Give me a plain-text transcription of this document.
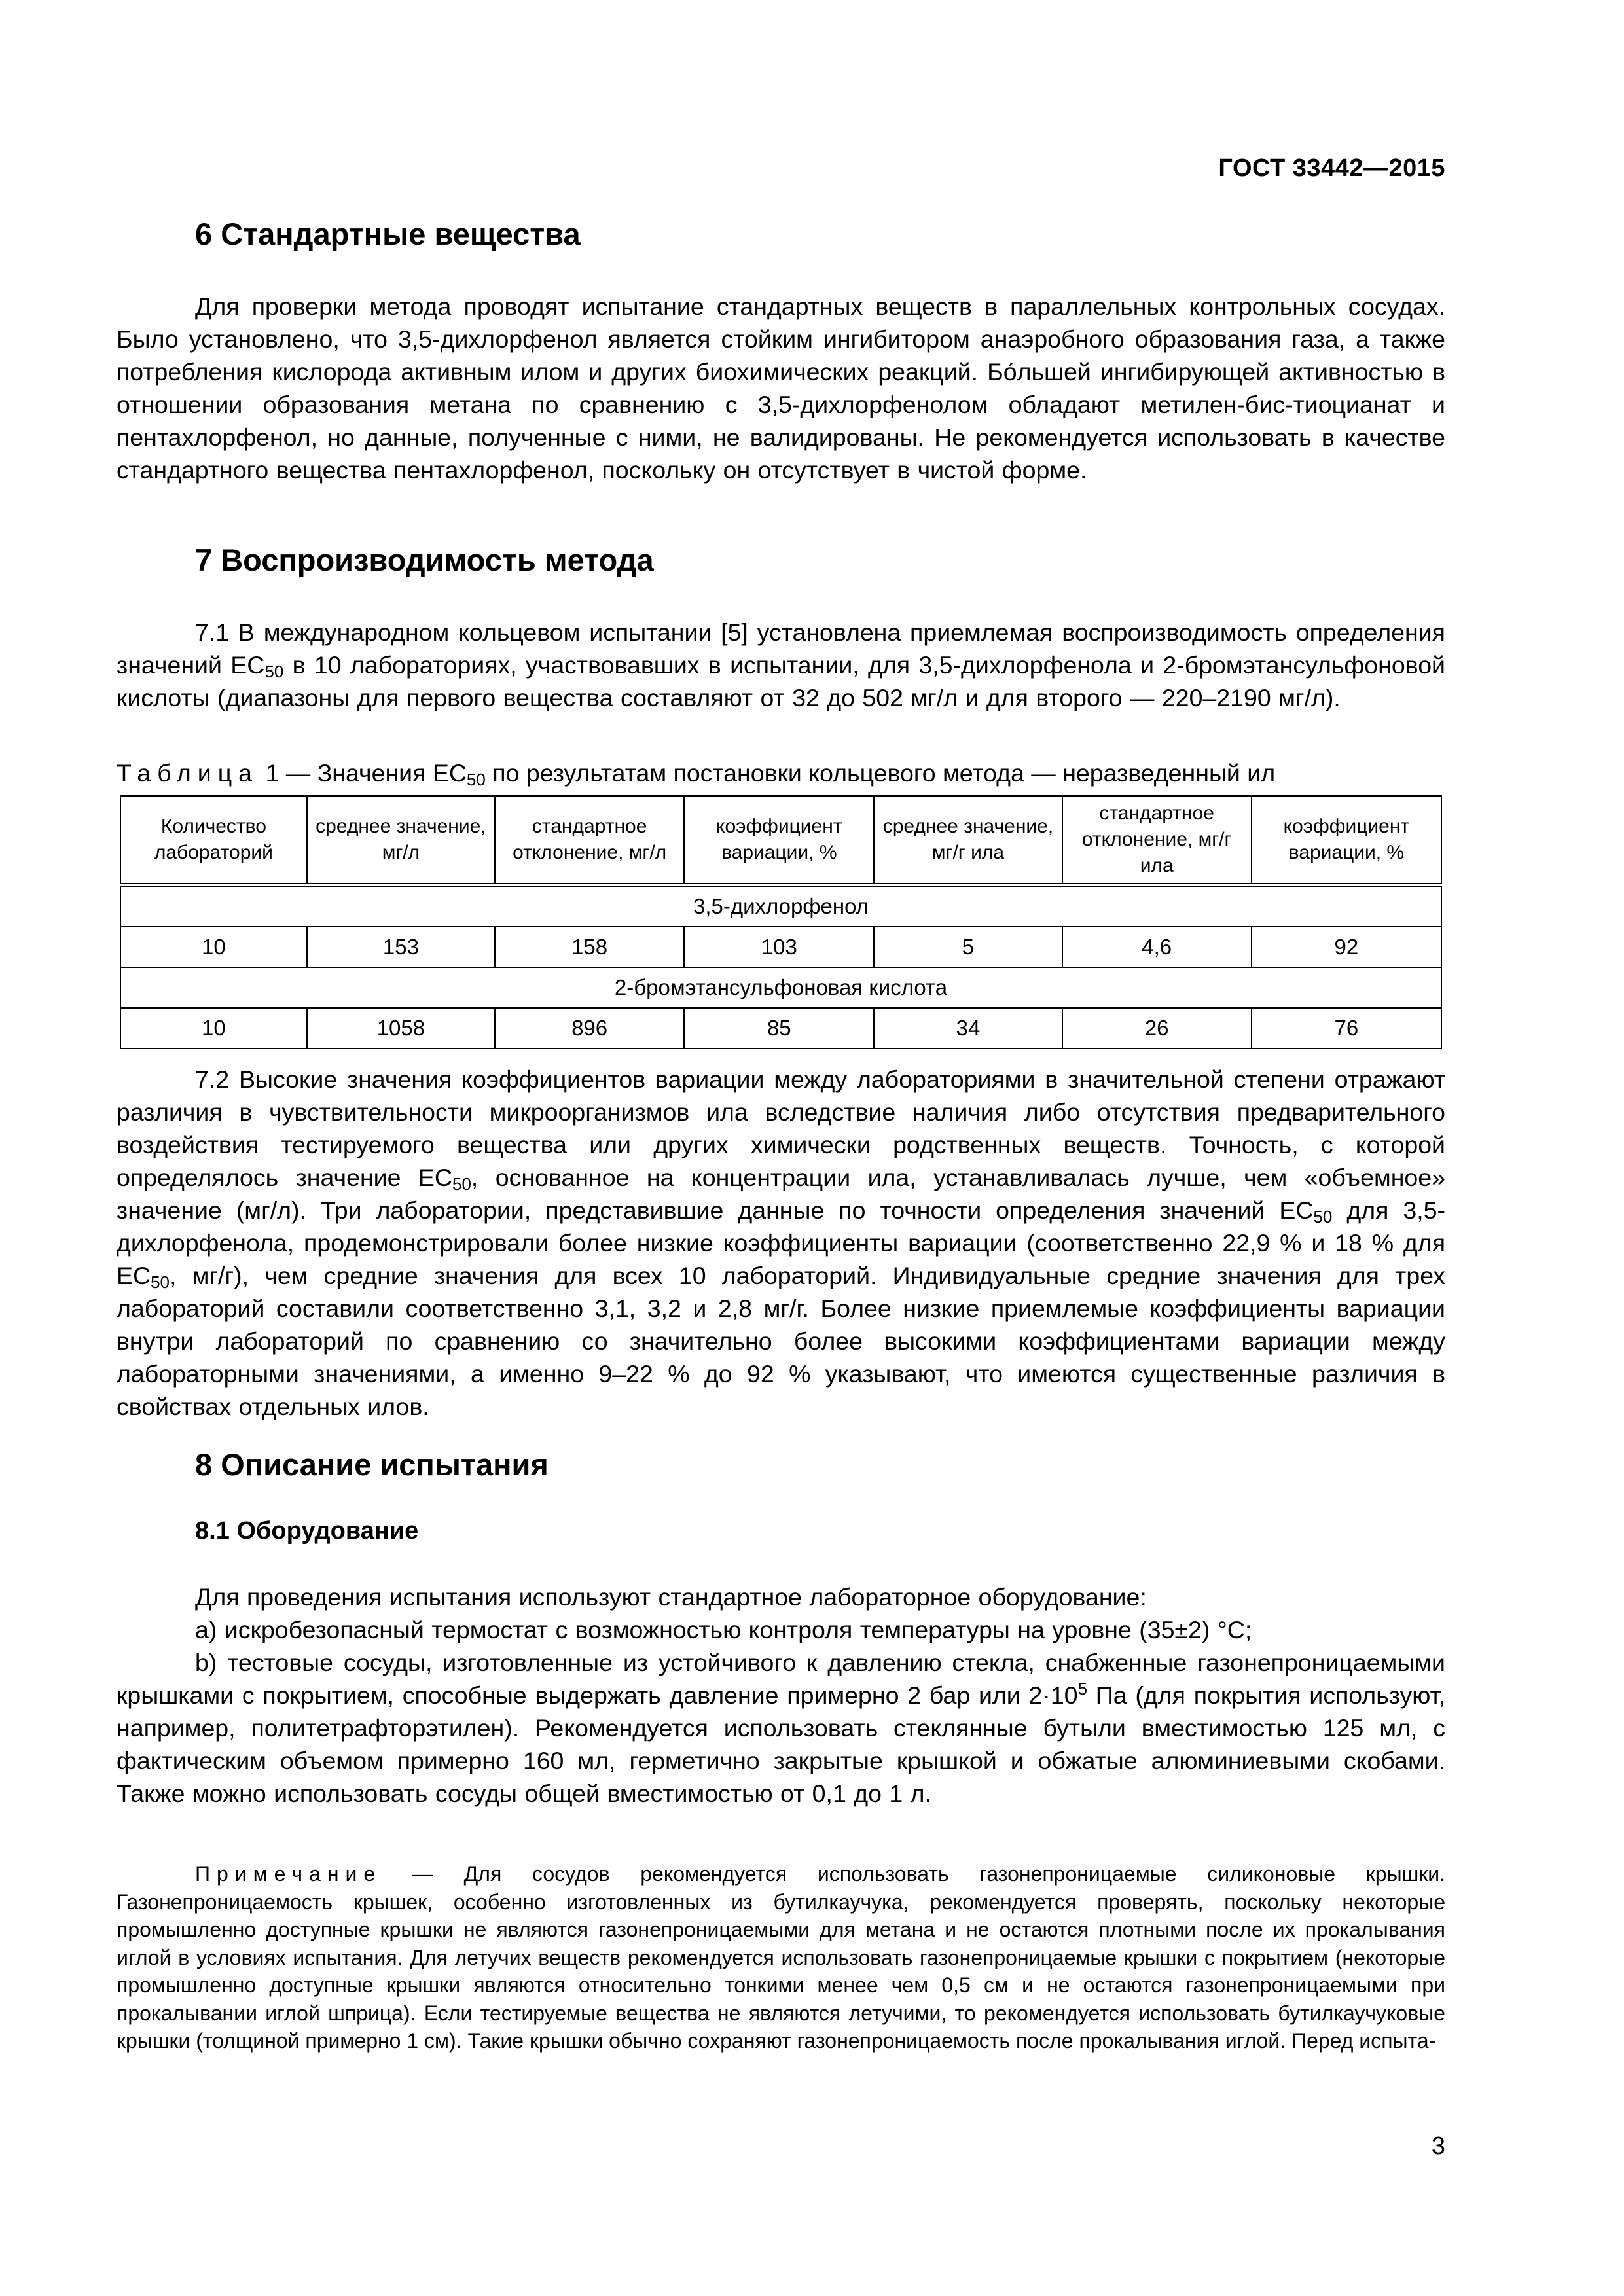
ГОСТ 33442—2015
6 Стандартные вещества

Для проверки метода проводят испытание стандартных веществ в параллельных контрольных сосудах. Было установлено, что 3,5-дихлорфенол является стойким ингибитором анаэробного образования газа, а также потребления кислорода активным илом и других биохимических реакций. Бо́льшей ингибирующей активностью в отношении образования метана по сравнению с 3,5-дихлорфенолом обладают метилен-бис-тиоцианат и пентахлорфенол, но данные, полученные с ними, не валидированы. Не рекомендуется использовать в качестве стандартного вещества пентахлорфенол, поскольку он отсутствует в чистой форме.

7 Воспроизводимость метода

7.1 В международном кольцевом испытании [5] установлена приемлемая воспроизводимость определения значений $EC_{50}$ в 10 лабораториях, участвовавших в испытании, для 3,5-дихлорфенола и 2-бромэтансульфоновой кислоты (диапазоны для первого вещества составляют от 32 до 502 мг/л и для второго — 220–2190 мг/л).

Таблица 1 — Значения $EC_{50}$ по результатам постановки кольцевого метода — неразведенный ил
Количество лабораторий	среднее значение, мг/л	стандартное отклонение, мг/л	коэффициент вариации, %	среднее значение, мг/г ила	стандартное отклонение, мг/г ила	коэффициент вариации, %
3,5-дихлорфенол						
10	153	158	103	5	4,6	92
2-бромэтансульфоновая кислота						
10	1058	896	85	34	26	76

7.2 Высокие значения коэффициентов вариации между лабораториями в значительной степени отражают различия в чувствительности микроорганизмов ила вследствие наличия либо отсутствия предварительного воздействия тестируемого вещества или других химически родственных веществ. Точность, с которой определялось значение $EC_{50}$, основанное на концентрации ила, устанавливалась лучше, чем «объемное» значение (мг/л). Три лаборатории, представившие данные по точности определения значений $EC_{50}$ для 3,5-дихлорфенола, продемонстрировали более низкие коэффициенты вариации (соответственно 22,9 % и 18 % для $EC_{50}$, мг/г), чем средние значения для всех 10 лабораторий. Индивидуальные средние значения для трех лабораторий составили соответственно 3,1, 3,2 и 2,8 мг/г. Более низкие приемлемые коэффициенты вариации внутри лабораторий по сравнению со значительно более высокими коэффициентами вариации между лабораторными значениями, а именно 9–22 % до 92 % указывают, что имеются существенные различия в свойствах отдельных илов.

8 Описание испытания
8.1 Оборудование

Для проведения испытания используют стандартное лабораторное оборудование:

a) искробезопасный термостат с возможностью контроля температуры на уровне (35±2) °С;

b) тестовые сосуды, изготовленные из устойчивого к давлению стекла, снабженные газонепроницаемыми крышками с покрытием, способные выдержать давление примерно 2 бар или $2\cdot 10^5$ Па (для покрытия используют, например, политетрафторэтилен). Рекомендуется использовать стеклянные бутыли вместимостью 125 мл, с фактическим объемом примерно 160 мл, герметично закрытые крышкой и обжатые алюминиевыми скобами. Также можно использовать сосуды общей вместимостью от 0,1 до 1 л.

Примечание — Для сосудов рекомендуется использовать газонепроницаемые силиконовые крышки. Газонепроницаемость крышек, особенно изготовленных из бутилкаучука, рекомендуется проверять, поскольку некоторые промышленно доступные крышки не являются газонепроницаемыми для метана и не остаются плотными после их прокалывания иглой в условиях испытания. Для летучих веществ рекомендуется использовать газонепроницаемые крышки с покрытием (некоторые промышленно доступные крышки являются относительно тонкими менее чем 0,5 см и не остаются газонепроницаемыми при прокалывании иглой шприца). Если тестируемые вещества не являются летучими, то рекомендуется использовать бутилкаучуковые крышки (толщиной примерно 1 см). Такие крышки обычно сохраняют газонепроницаемость после прокалывания иглой. Перед испыта-

3
